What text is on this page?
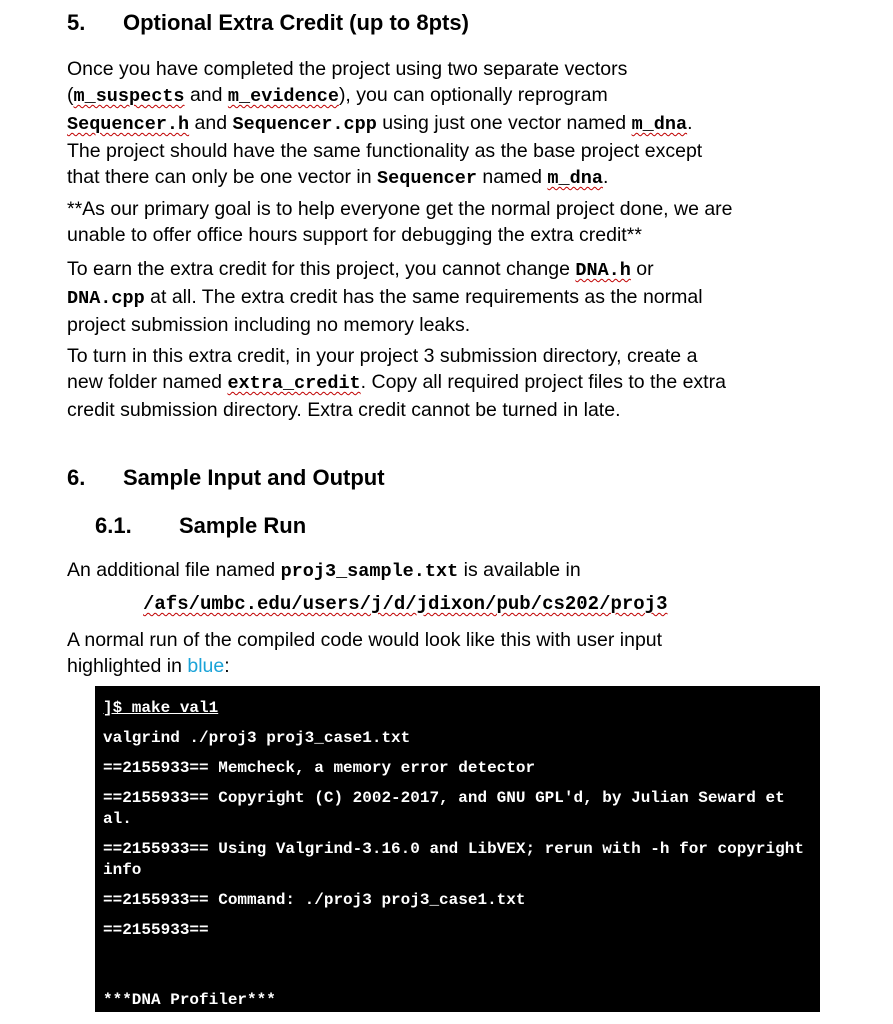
5. Optional Extra Credit (up to 8pts)
Once you have completed the project using two separate vectors
(m_suspects and m_evidence), you can optionally reprogram
Sequencer.h and Sequencer.cpp using just one vector named m_dna.
The project should have the same functionality as the base project except
that there can only be one vector in Sequencer named m_dna.
**As our primary goal is to help everyone get the normal project done, we are
unable to offer office hours support for debugging the extra credit**
To earn the extra credit for this project, you cannot change DNA.h or
DNA.cpp at all. The extra credit has the same requirements as the normal
project submission including no memory leaks.
To turn in this extra credit, in your project 3 submission directory, create a
new folder named extra_credit. Copy all required project files to the extra
credit submission directory. Extra credit cannot be turned in late.
6. Sample Input and Output
6.1. Sample Run
An additional file named proj3_sample.txt is available in
/afs/umbc.edu/users/j/d/jdixon/pub/cs202/proj3
A normal run of the compiled code would look like this with user input
highlighted in blue:
]$ make val1
valgrind ./proj3 proj3_case1.txt
==2155933== Memcheck, a memory error detector
==2155933== Copyright (C) 2002-2017, and GNU GPL'd, by Julian Seward et al.
==2155933== Using Valgrind-3.16.0 and LibVEX; rerun with -h for copyright info
==2155933== Command: ./proj3 proj3_case1.txt
==2155933==
***DNA Profiler***
